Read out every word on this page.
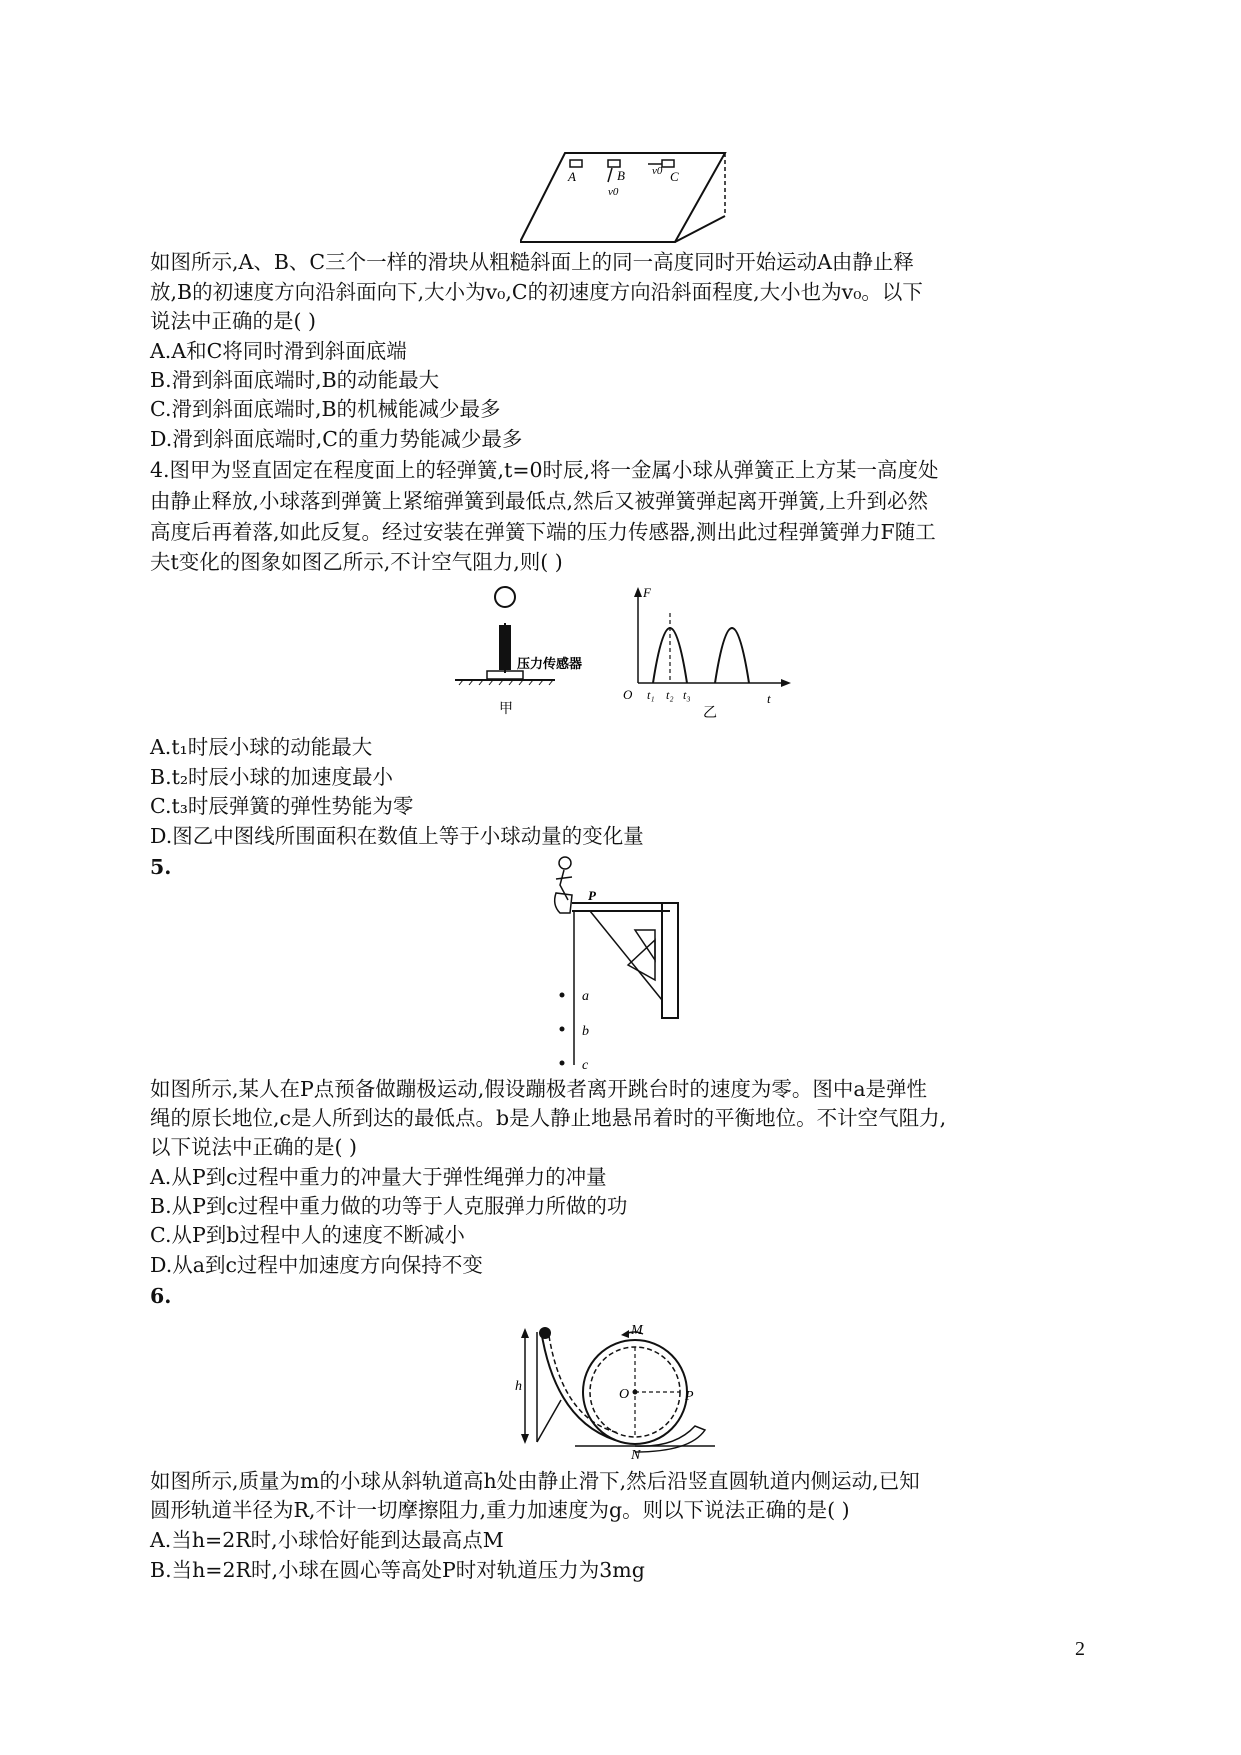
A	B	C
v0
v0
如图所示,A、B、C三个一样的滑块从粗糙斜面上的同一高度同时开始运动A由静止释
放,B的初速度方向沿斜面向下,大小为v₀,C的初速度方向沿斜面程度,大小也为v₀。以下
说法中正确的是( )
A.A和C将同时滑到斜面底端
B.滑到斜面底端时,B的动能最大
C.滑到斜面底端时,B的机械能减少最多
D.滑到斜面底端时,C的重力势能减少最多
4.图甲为竖直固定在程度面上的轻弹簧,t=0时辰,将一金属小球从弹簧正上方某一高度处
由静止释放,小球落到弹簧上紧缩弹簧到最低点,然后又被弹簧弹起离开弹簧,上升到必然
高度后再着落,如此反复。经过安装在弹簧下端的压力传感器,测出此过程弹簧弹力F随工
夫t变化的图象如图乙所示,不计空气阻力,则( )
压力传感器
甲
F
O	t
t₁ t₂ t₃
乙
A.t₁时辰小球的动能最大
B.t₂时辰小球的加速度最小
C.t₃时辰弹簧的弹性势能为零
D.图乙中图线所围面积在数值上等于小球动量的变化量
5.
P
a
b
c
如图所示,某人在P点预备做蹦极运动,假设蹦极者离开跳台时的速度为零。图中a是弹性
绳的原长地位,c是人所到达的最低点。b是人静止地悬吊着时的平衡地位。不计空气阻力,
以下说法中正确的是( )
A.从P到c过程中重力的冲量大于弹性绳弹力的冲量
B.从P到c过程中重力做的功等于人克服弹力所做的功
C.从P到b过程中人的速度不断减小
D.从a到c过程中加速度方向保持不变
6.
h
M
O	P
N
如图所示,质量为m的小球从斜轨道高h处由静止滑下,然后沿竖直圆轨道内侧运动,已知
圆形轨道半径为R,不计一切摩擦阻力,重力加速度为g。则以下说法正确的是( )
A.当h=2R时,小球恰好能到达最高点M
B.当h=2R时,小球在圆心等高处P时对轨道压力为3mg
2
